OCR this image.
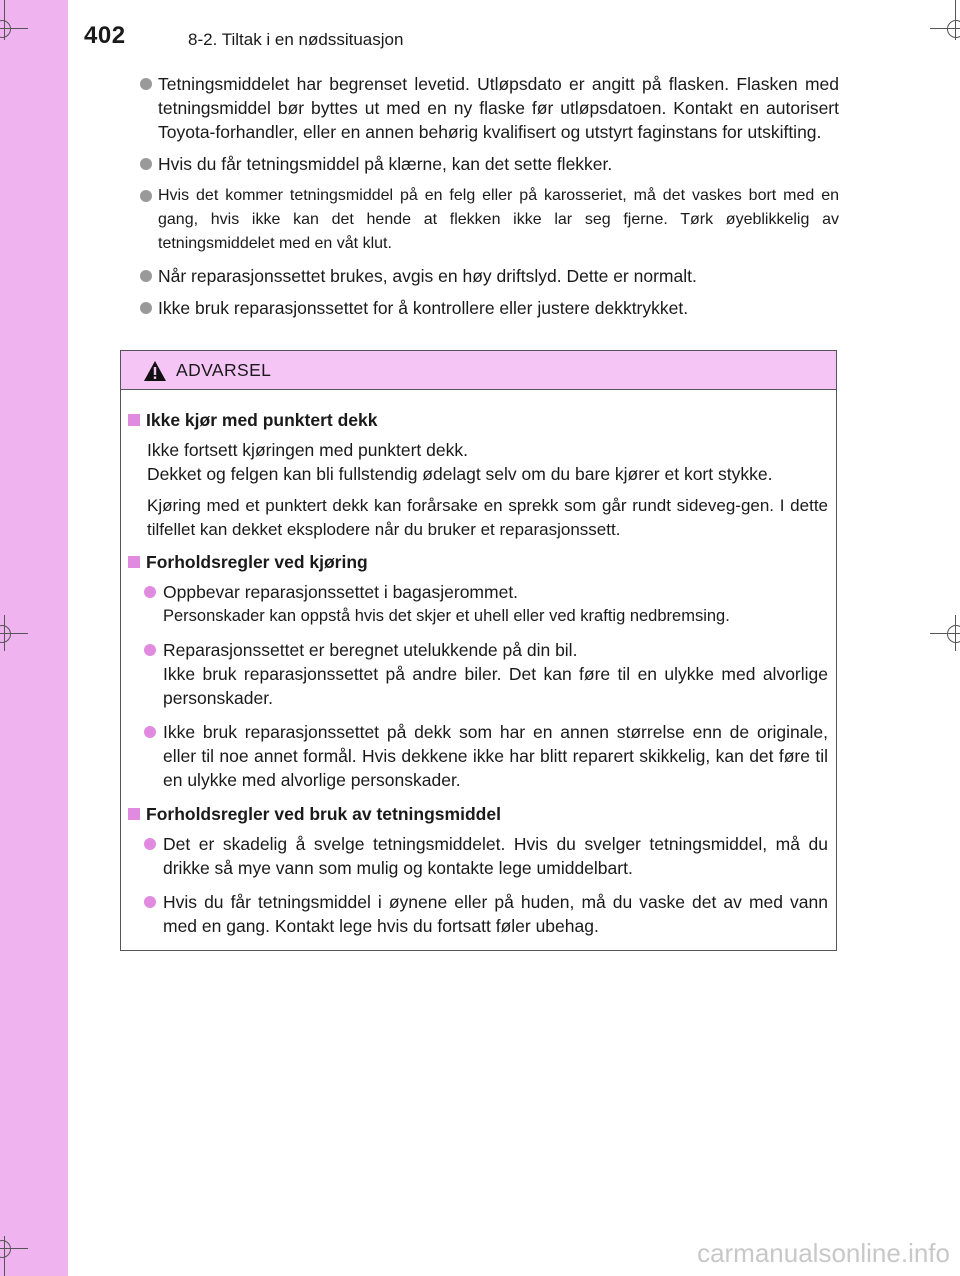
402	8-2. Tiltak i en nødssituasjon
Tetningsmiddelet har begrenset levetid. Utløpsdato er angitt på flasken. Flasken med tetningsmiddel bør byttes ut med en ny flaske før utløpsdatoen. Kontakt en autorisert Toyota-forhandler, eller en annen behørig kvalifisert og utstyrt faginstans for utskifting.
Hvis du får tetningsmiddel på klærne, kan det sette flekker.
Hvis det kommer tetningsmiddel på en felg eller på karosseriet, må det vaskes bort med en gang, hvis ikke kan det hende at flekken ikke lar seg fjerne. Tørk øyeblikkelig av tetningsmiddelet med en våt klut.
Når reparasjonssettet brukes, avgis en høy driftslyd. Dette er normalt.
Ikke bruk reparasjonssettet for å kontrollere eller justere dekktrykket.
ADVARSEL
Ikke kjør med punktert dekk
Ikke fortsett kjøringen med punktert dekk.
Dekket og felgen kan bli fullstendig ødelagt selv om du bare kjører et kort stykke.
Kjøring med et punktert dekk kan forårsake en sprekk som går rundt sideveg-gen. I dette tilfellet kan dekket eksplodere når du bruker et reparasjonssett.
Forholdsregler ved kjøring
Oppbevar reparasjonssettet i bagasjerommet.
Personskader kan oppstå hvis det skjer et uhell eller ved kraftig nedbremsing.
Reparasjonssettet er beregnet utelukkende på din bil.
Ikke bruk reparasjonssettet på andre biler. Det kan føre til en ulykke med alvorlige personskader.
Ikke bruk reparasjonssettet på dekk som har en annen størrelse enn de originale, eller til noe annet formål. Hvis dekkene ikke har blitt reparert skikkelig, kan det føre til en ulykke med alvorlige personskader.
Forholdsregler ved bruk av tetningsmiddel
Det er skadelig å svelge tetningsmiddelet. Hvis du svelger tetningsmiddel, må du drikke så mye vann som mulig og kontakte lege umiddelbart.
Hvis du får tetningsmiddel i øynene eller på huden, må du vaske det av med vann med en gang. Kontakt lege hvis du fortsatt føler ubehag.
carmanualsonline.info
